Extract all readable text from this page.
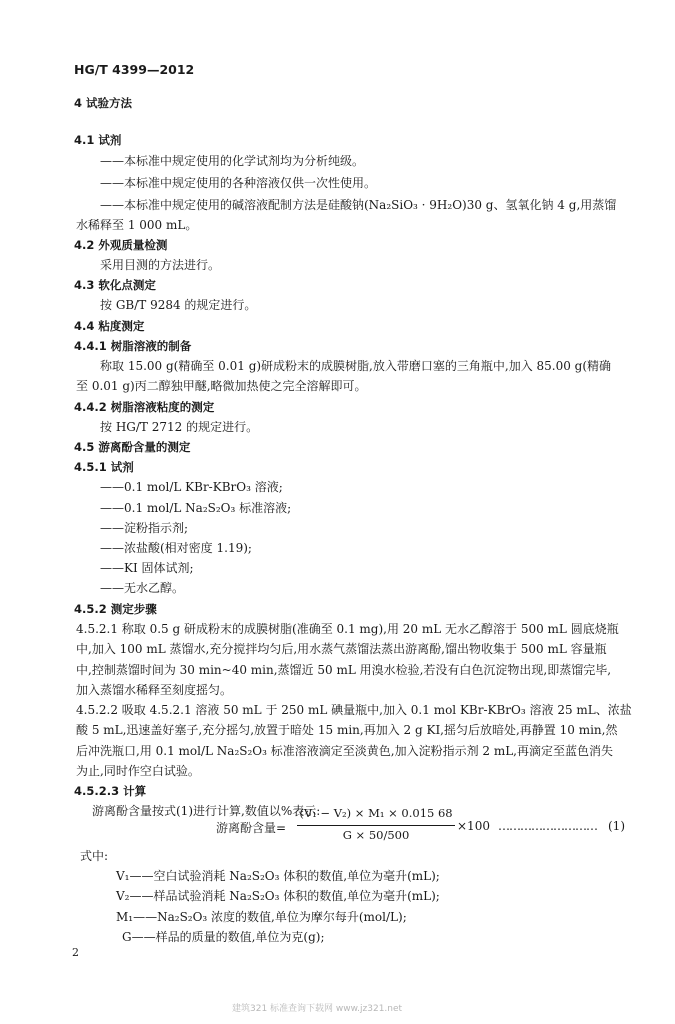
HG/T 4399—2012
4 试验方法
4.1 试剂
——本标准中规定使用的化学试剂均为分析纯级。
——本标准中规定使用的各种溶液仅供一次性使用。
——本标准中规定使用的碱溶液配制方法是硅酸钠(Na₂SiO₃ · 9H₂O)30 g、氢氧化钠 4 g,用蒸馏
水稀释至 1 000 mL。
4.2 外观质量检测
采用目测的方法进行。
4.3 软化点测定
按 GB/T 9284 的规定进行。
4.4 粘度测定
4.4.1 树脂溶液的制备
称取 15.00 g(精确至 0.01 g)研成粉末的成膜树脂,放入带磨口塞的三角瓶中,加入 85.00 g(精确
至 0.01 g)丙二醇独甲醚,略微加热使之完全溶解即可。
4.4.2 树脂溶液粘度的测定
按 HG/T 2712 的规定进行。
4.5 游离酚含量的测定
4.5.1 试剂
——0.1 mol/L KBr-KBrO₃ 溶液;
——0.1 mol/L Na₂S₂O₃ 标准溶液;
——淀粉指示剂;
——浓盐酸(相对密度 1.19);
——KI 固体试剂;
——无水乙醇。
4.5.2 测定步骤
4.5.2.1 称取 0.5 g 研成粉末的成膜树脂(准确至 0.1 mg),用 20 mL 无水乙醇溶于 500 mL 圆底烧瓶
中,加入 100 mL 蒸馏水,充分搅拌均匀后,用水蒸气蒸馏法蒸出游离酚,馏出物收集于 500 mL 容量瓶
中,控制蒸馏时间为 30 min~40 min,蒸馏近 50 mL 用溴水检验,若没有白色沉淀物出现,即蒸馏完毕,
加入蒸馏水稀释至刻度摇匀。
4.5.2.2 吸取 4.5.2.1 溶液 50 mL 于 250 mL 碘量瓶中,加入 0.1 mol KBr-KBrO₃ 溶液 25 mL、浓盐
酸 5 mL,迅速盖好塞子,充分摇匀,放置于暗处 15 min,再加入 2 g KI,摇匀后放暗处,再静置 10 min,然
后冲洗瓶口,用 0.1 mol/L Na₂S₂O₃ 标准溶液滴定至淡黄色,加入淀粉指示剂 2 mL,再滴定至蓝色消失
为止,同时作空白试验。
4.5.2.3 计算
游离酚含量按式(1)进行计算,数值以%表示:
游离酚含量=
(V₁ − V₂) × M₁ × 0.015 68
G × 50/500
×100 ……………………… (1)
式中:
V₁——空白试验消耗 Na₂S₂O₃ 体积的数值,单位为毫升(mL);
V₂——样品试验消耗 Na₂S₂O₃ 体积的数值,单位为毫升(mL);
M₁——Na₂S₂O₃ 浓度的数值,单位为摩尔每升(mol/L);
G——样品的质量的数值,单位为克(g);
2
建筑321 标准查询下载网 www.jz321.net
